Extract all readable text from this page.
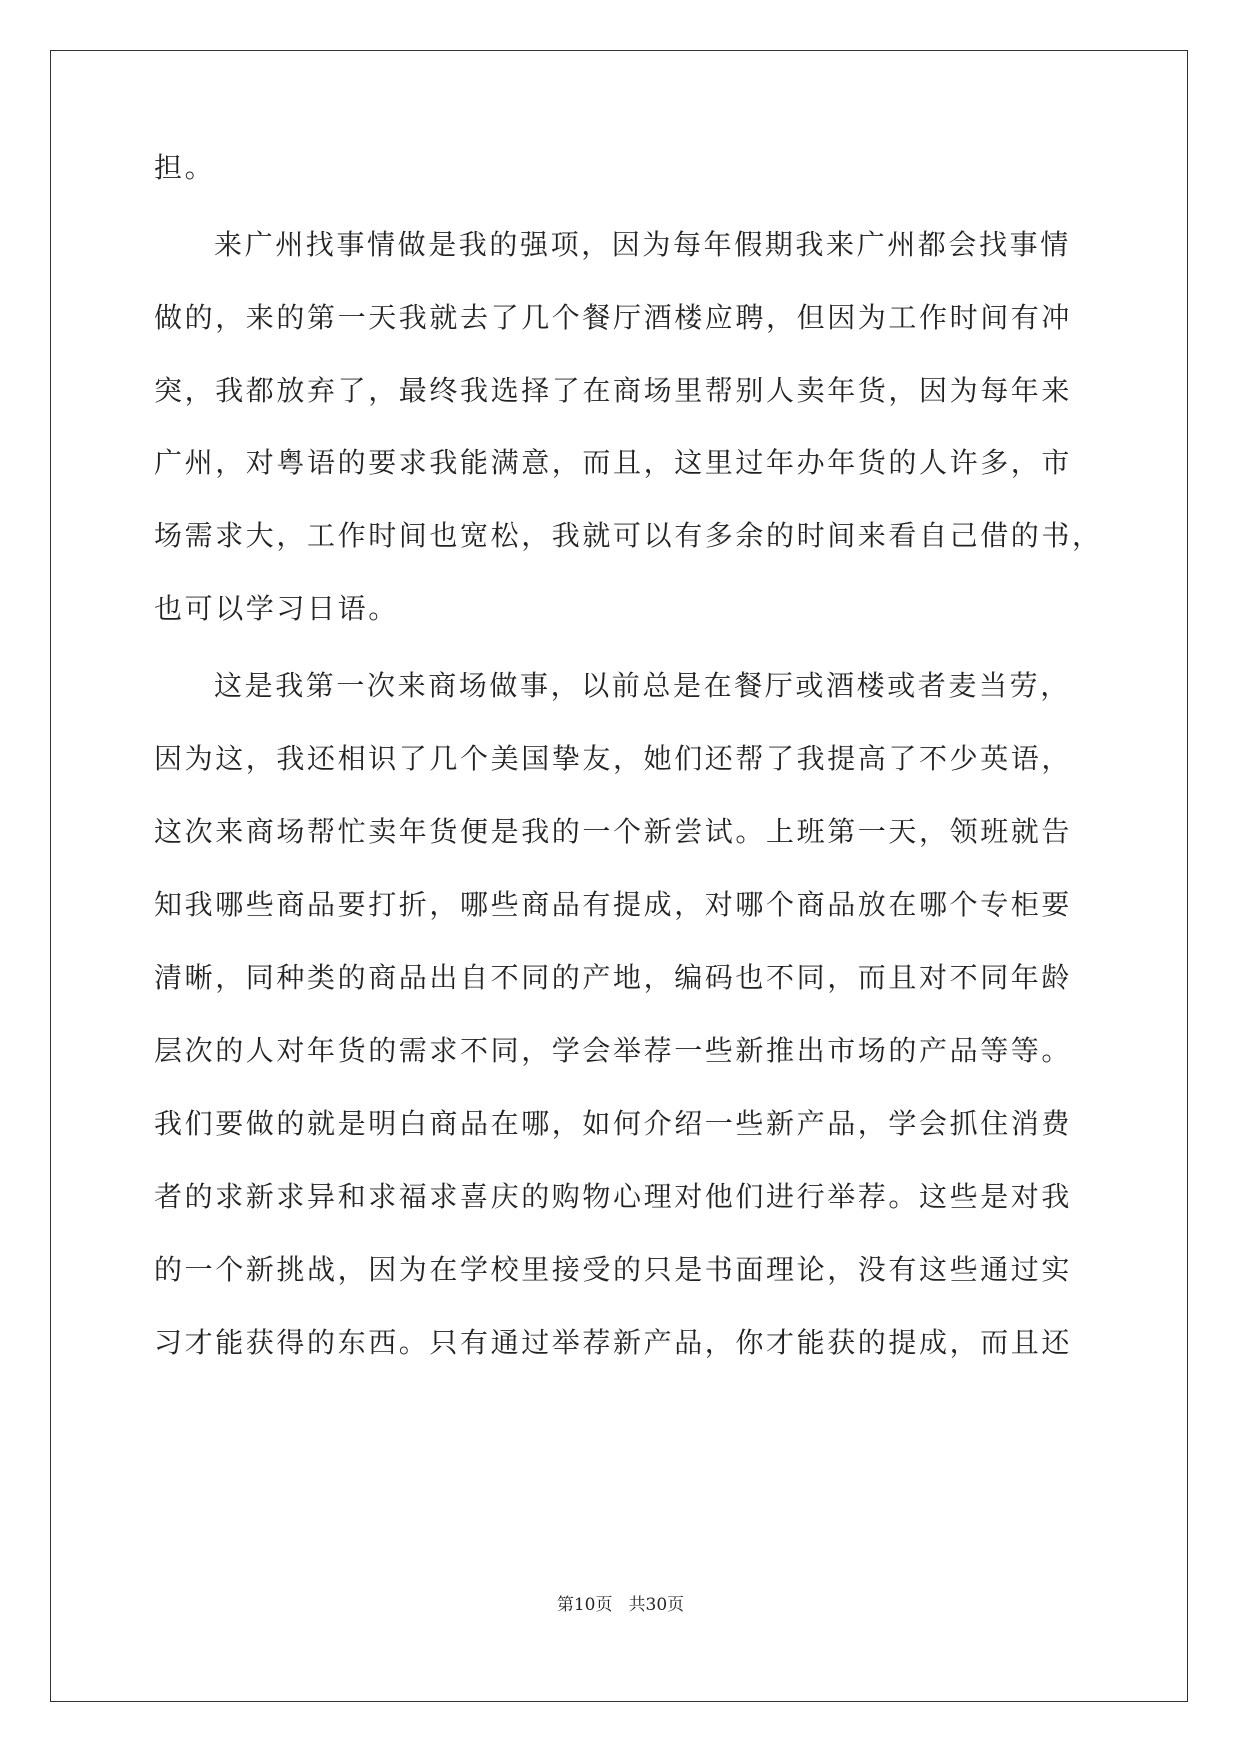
担。
来广州找事情做是我的强项，因为每年假期我来广州都会找事情
做的，来的第一天我就去了几个餐厅酒楼应聘，但因为工作时间有冲
突，我都放弃了，最终我选择了在商场里帮别人卖年货，因为每年来
广州，对粤语的要求我能满意，而且，这里过年办年货的人许多，市
场需求大，工作时间也宽松，我就可以有多余的时间来看自己借的书，
也可以学习日语。
这是我第一次来商场做事，以前总是在餐厅或酒楼或者麦当劳，
因为这，我还相识了几个美国挚友，她们还帮了我提高了不少英语，
这次来商场帮忙卖年货便是我的一个新尝试。上班第一天，领班就告
知我哪些商品要打折，哪些商品有提成，对哪个商品放在哪个专柜要
清晰，同种类的商品出自不同的产地，编码也不同，而且对不同年龄
层次的人对年货的需求不同，学会举荐一些新推出市场的产品等等。
我们要做的就是明白商品在哪，如何介绍一些新产品，学会抓住消费
者的求新求异和求福求喜庆的购物心理对他们进行举荐。这些是对我
的一个新挑战，因为在学校里接受的只是书面理论，没有这些通过实
习才能获得的东西。只有通过举荐新产品，你才能获的提成，而且还
第10页 共30页
